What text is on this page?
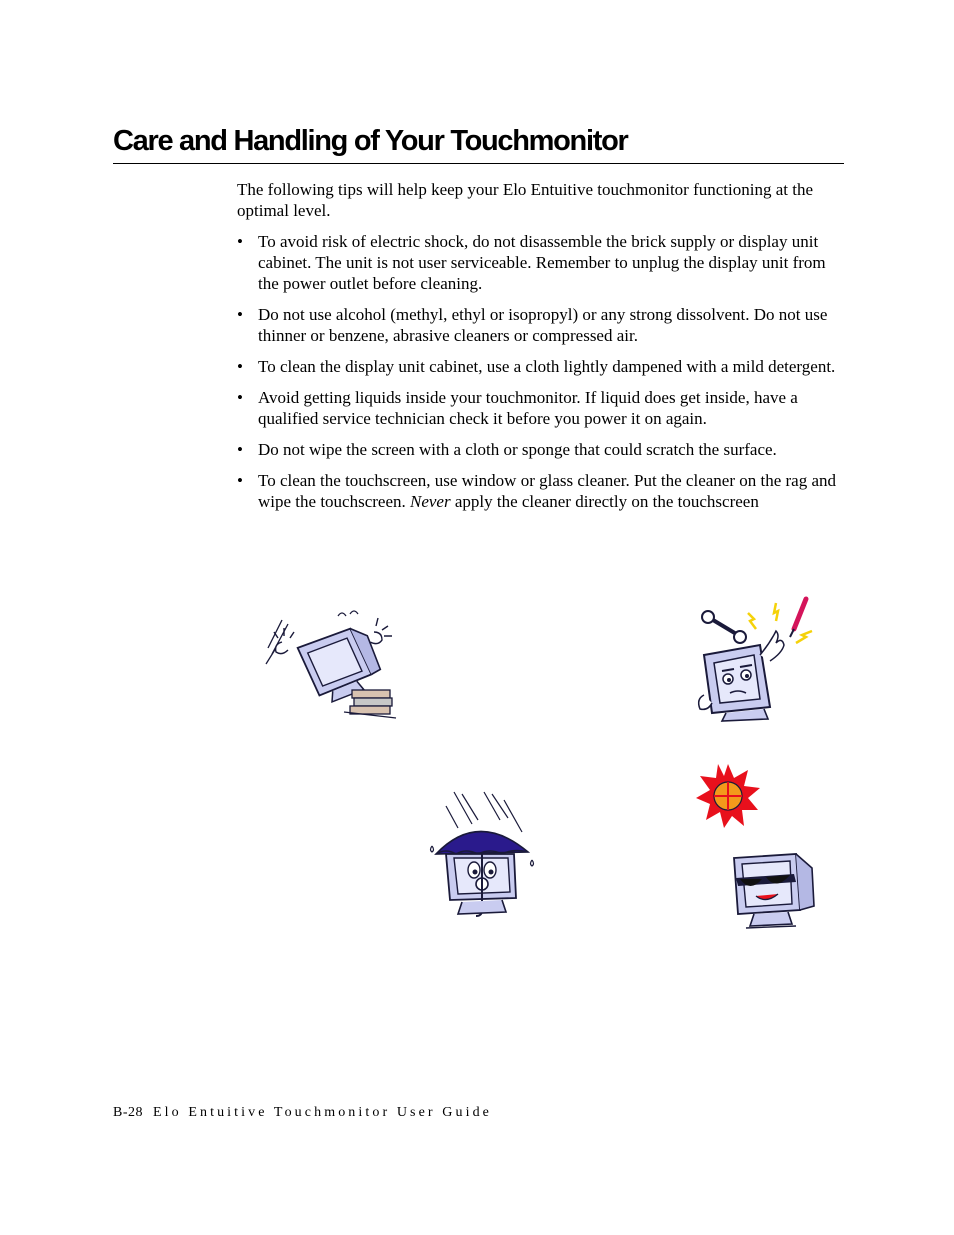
Care and Handling of Your Touchmonitor

The following tips will help keep your Elo Entuitive touchmonitor functioning at the optimal level.

• To avoid risk of electric shock, do not disassemble the brick supply or display unit cabinet. The unit is not user serviceable. Remember to unplug the display unit from the power outlet before cleaning.
• Do not use alcohol (methyl, ethyl or isopropyl) or any strong dissolvent. Do not use thinner or benzene, abrasive cleaners or compressed air.
• To clean the display unit cabinet, use a cloth lightly dampened with a mild detergent.
• Avoid getting liquids inside your touchmonitor. If liquid does get inside, have a qualified service technician check it before you power it on again.
• Do not wipe the screen with a cloth or sponge that could scratch the surface.
• To clean the touchscreen, use window or glass cleaner. Put the cleaner on the rag and wipe the touchscreen. Never apply the cleaner directly on the touchscreen
B-28 Elo Entuitive Touchmonitor User Guide
